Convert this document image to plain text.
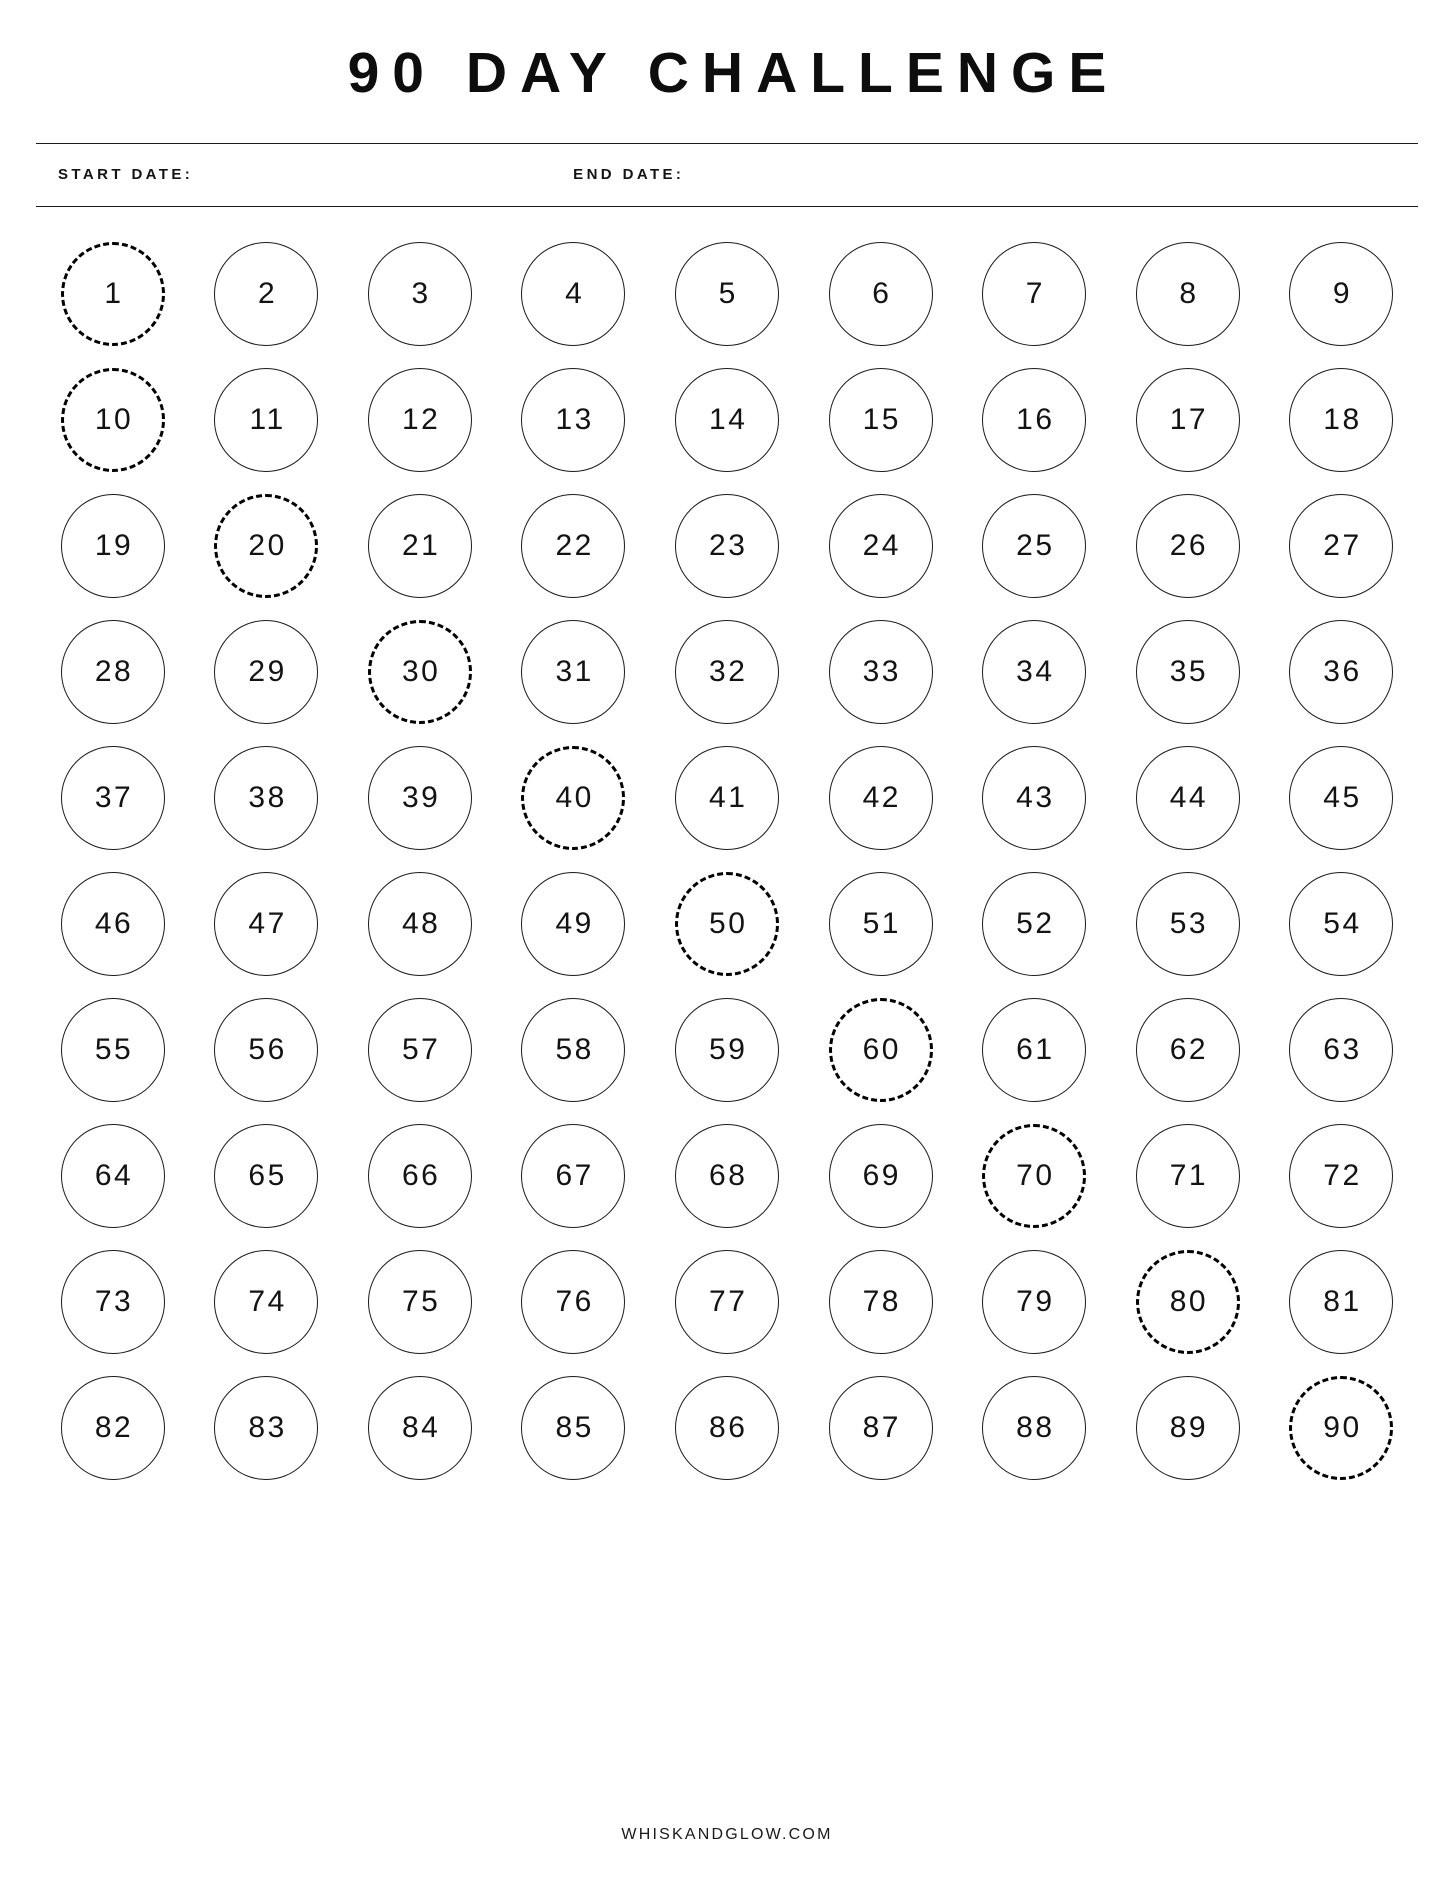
90 DAY CHALLENGE
START DATE:	END DATE:
1	2	3	4	5	6	7	8	9
10	11	12	13	14	15	16	17	18
19	20	21	22	23	24	25	26	27
28	29	30	31	32	33	34	35	36
37	38	39	40	41	42	43	44	45
46	47	48	49	50	51	52	53	54
55	56	57	58	59	60	61	62	63
64	65	66	67	68	69	70	71	72
73	74	75	76	77	78	79	80	81
82	83	84	85	86	87	88	89	90
WHISKANDGLOW.COM
